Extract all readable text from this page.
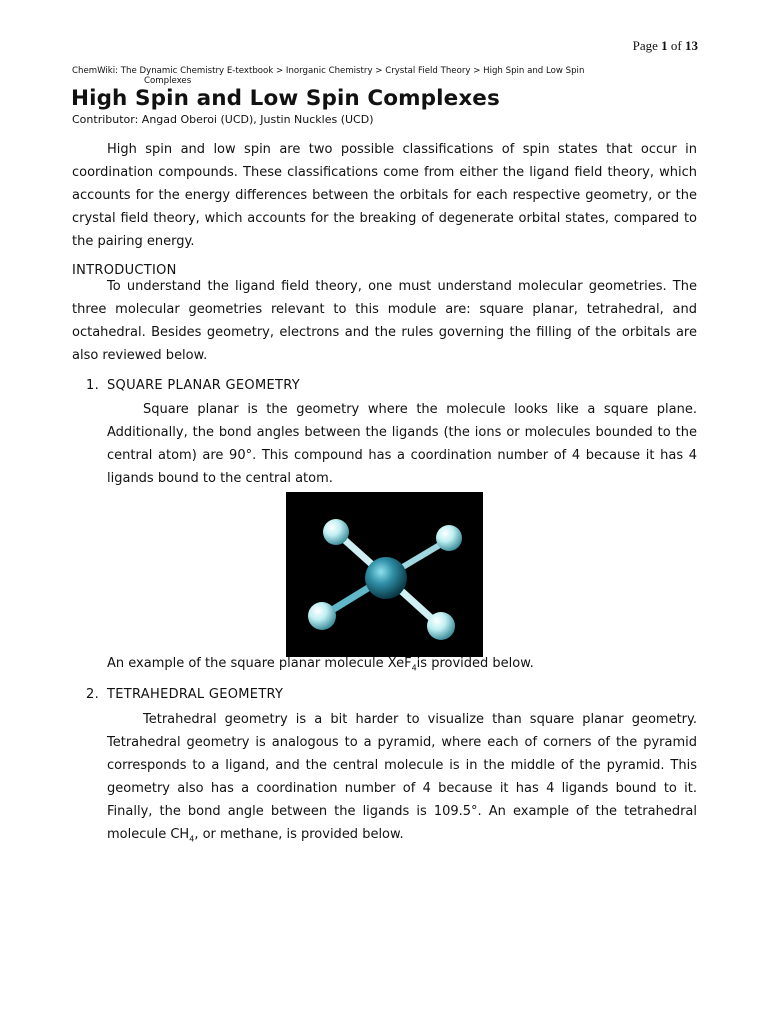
Page 1 of 13
ChemWiki: The Dynamic Chemistry E-textbook > Inorganic Chemistry > Crystal Field Theory > High Spin and Low Spin
Complexes
High Spin and Low Spin Complexes
Contributor: Angad Oberoi (UCD), Justin Nuckles (UCD)

High spin and low spin are two possible classifications of spin states that occur in coordination compounds. These classifications come from either the ligand field theory, which accounts for the energy differences between the orbitals for each respective geometry, or the crystal field theory, which accounts for the breaking of degenerate orbital states, compared to the pairing energy.

INTRODUCTION

To understand the ligand field theory, one must understand molecular geometries. The three molecular geometries relevant to this module are: square planar, tetrahedral, and octahedral. Besides geometry, electrons and the rules governing the filling of the orbitals are also reviewed below.

1. SQUARE PLANAR GEOMETRY

Square planar is the geometry where the molecule looks like a square plane. Additionally, the bond angles between the ligands (the ions or molecules bounded to the central atom) are 90°. This compound has a coordination number of 4 because it has 4 ligands bound to the central atom.

An example of the square planar molecule XeF$_4$is provided below.
2. TETRAHEDRAL GEOMETRY

Tetrahedral geometry is a bit harder to visualize than square planar geometry. Tetrahedral geometry is analogous to a pyramid, where each of corners of the pyramid corresponds to a ligand, and the central molecule is in the middle of the pyramid. This geometry also has a coordination number of 4 because it has 4 ligands bound to it. Finally, the bond angle between the ligands is 109.5°. An example of the tetrahedral molecule $CH_4$, or methane, is provided below.
